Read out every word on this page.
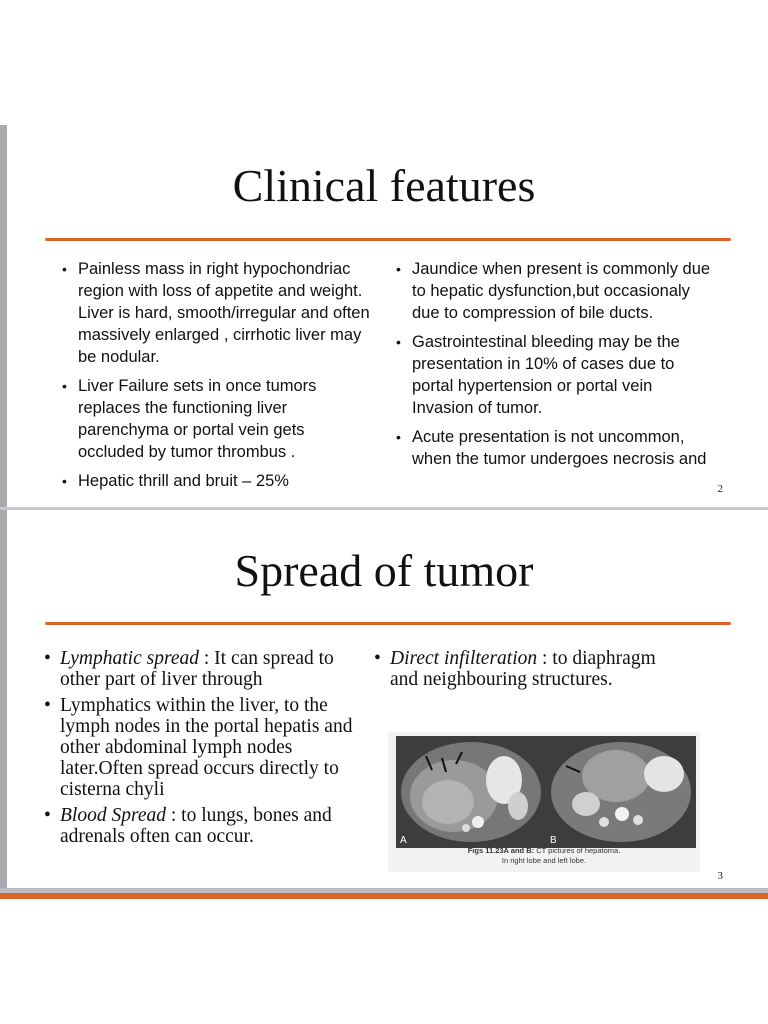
Clinical features
• Painless mass in right hypochondriac region with loss of appetite and weight. Liver is hard, smooth/irregular and often massively enlarged , cirrhotic liver may be nodular.
• Liver Failure sets in once tumors replaces the functioning liver parenchyma or portal vein gets occluded by tumor thrombus .
• Hepatic thrill and bruit – 25%
• Jaundice when present is commonly due to hepatic dysfunction,but occasionaly due to compression of bile ducts.
• Gastrointestinal bleeding may be the presentation in 10% of cases due to portal hypertension or portal vein Invasion of tumor.
• Acute presentation is not uncommon, when the tumor undergoes necrosis and
2
Spread of tumor
• Lymphatic spread : It can spread to other part of liver through
• Lymphatics within the liver, to the lymph nodes in the portal hepatis and other abdominal lymph nodes later.Often spread occurs directly to cisterna chyli
• Blood Spread : to lungs, bones and adrenals often can occur.
• Direct infilteration : to diaphragm and neighbouring structures.
A	B
Figs 11.23A and B: CT pictures of hepatoma.
In right lobe and left lobe.
3
